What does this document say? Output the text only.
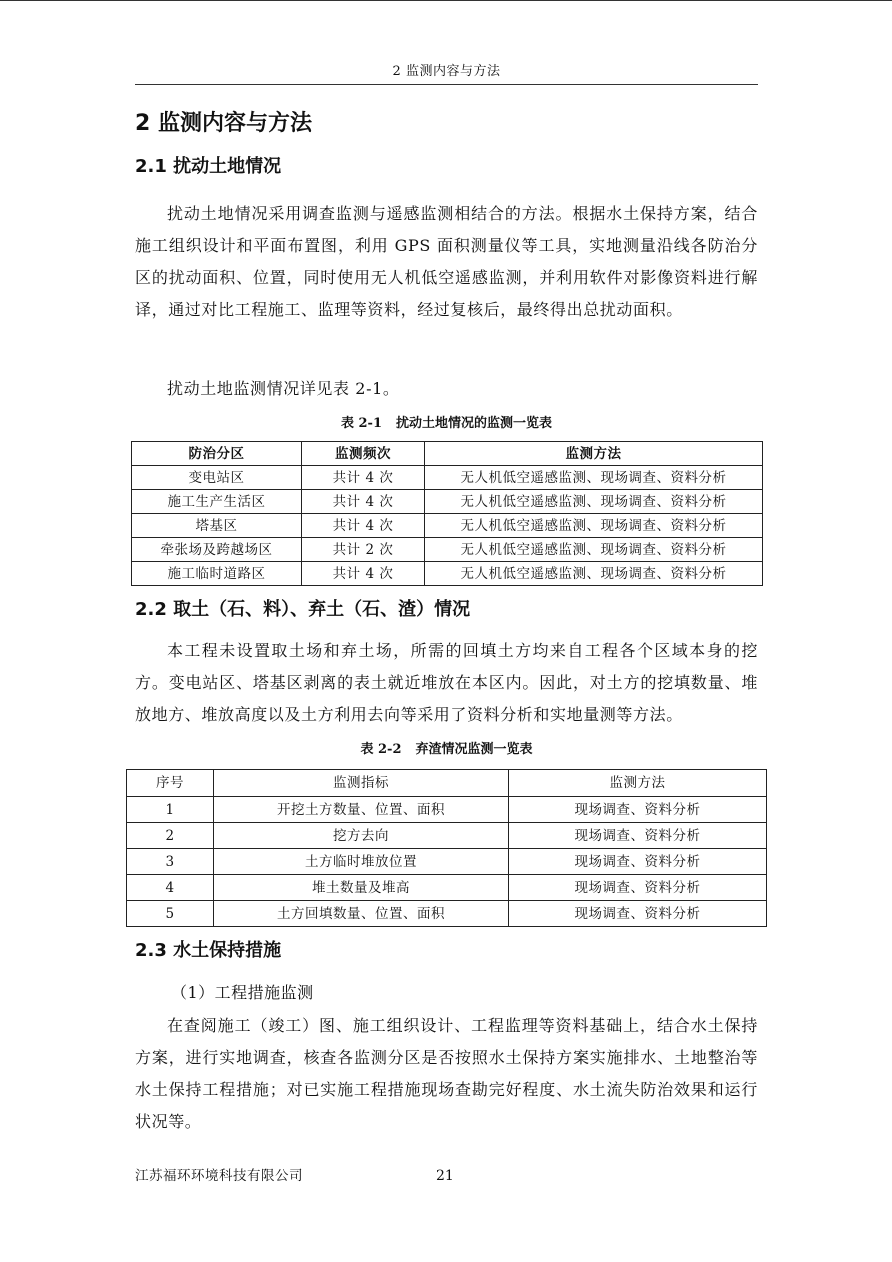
2 监测内容与方法
2 监测内容与方法
2.1 扰动土地情况

扰动土地情况采用调查监测与遥感监测相结合的方法。根据水土保持方案，结合施工组织设计和平面布置图，利用 GPS 面积测量仪等工具，实地测量沿线各防治分区的扰动面积、位置，同时使用无人机低空遥感监测，并利用软件对影像资料进行解译，通过对比工程施工、监理等资料，经过复核后，最终得出总扰动面积。

扰动土地监测情况详见表 2-1。

表 2-1 扰动土地情况的监测一览表
防治分区	监测频次	监测方法
变电站区	共计 4 次	无人机低空遥感监测、现场调查、资料分析
施工生产生活区	共计 4 次	无人机低空遥感监测、现场调查、资料分析
塔基区	共计 4 次	无人机低空遥感监测、现场调查、资料分析
牵张场及跨越场区	共计 2 次	无人机低空遥感监测、现场调查、资料分析
施工临时道路区	共计 4 次	无人机低空遥感监测、现场调查、资料分析
2.2 取土（石、料）、弃土（石、渣）情况

本工程未设置取土场和弃土场，所需的回填土方均来自工程各个区域本身的挖方。变电站区、塔基区剥离的表土就近堆放在本区内。因此，对土方的挖填数量、堆放地方、堆放高度以及土方利用去向等采用了资料分析和实地量测等方法。

表 2-2 弃渣情况监测一览表
序号	监测指标	监测方法
1	开挖土方数量、位置、面积	现场调查、资料分析
2	挖方去向	现场调查、资料分析
3	土方临时堆放位置	现场调查、资料分析
4	堆土数量及堆高	现场调查、资料分析
5	土方回填数量、位置、面积	现场调查、资料分析
2.3 水土保持措施

（1）工程措施监测

在查阅施工（竣工）图、施工组织设计、工程监理等资料基础上，结合水土保持方案，进行实地调查，核查各监测分区是否按照水土保持方案实施排水、土地整治等水土保持工程措施；对已实施工程措施现场查勘完好程度、水土流失防治效果和运行状况等。

江苏福环环境科技有限公司	21
